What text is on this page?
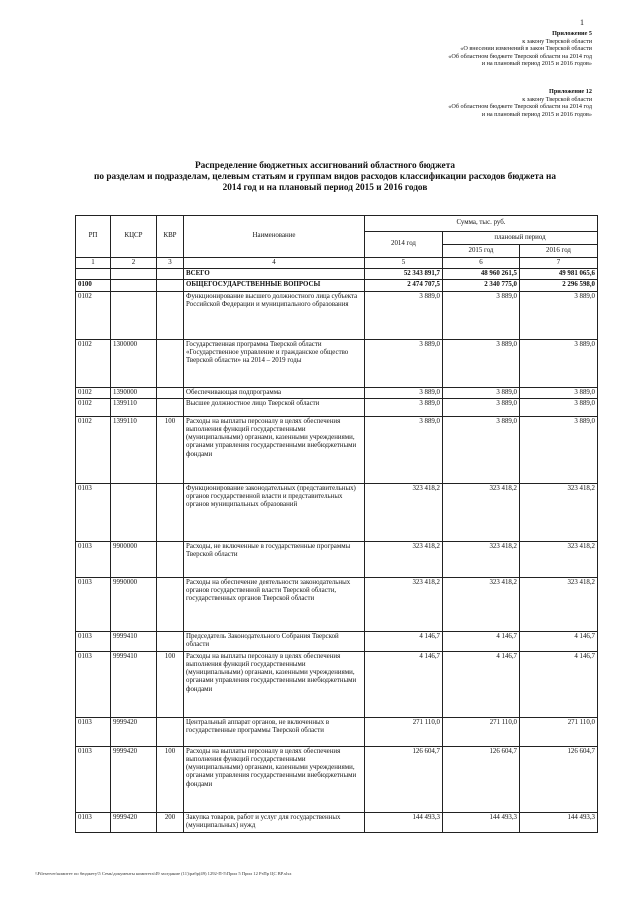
1
Приложение 5
к закону Тверской области
«О внесении изменений в закон Тверской области
«Об областном бюджете Тверской области на 2014 год
и на плановый период 2015 и 2016 годов»
Приложение 12
к закону Тверской области
«Об областном бюджете Тверской области на 2014 год
и на плановый период 2015 и 2016 годов»
Распределение бюджетных ассигнований областного бюджета
по разделам и подразделам, целевым статьям и группам видов расходов классификации расходов бюджета на
2014 год и на плановый период 2015 и 2016 годов
РП	КЦСР	КВР	Наименование	Сумма, тыс. руб.		
				2014 год	плановый период	
					2015 год	2016 год
1	2	3	4	5	6	7
			ВСЕГО	52 343 891,7	48 960 261,5	49 981 065,6
0100			ОБЩЕГОСУДАРСТВЕННЫЕ ВОПРОСЫ	2 474 707,5	2 340 775,0	2 296 598,0
0102			Функционирование высшего должностного лица субъекта Российской Федерации и муниципального образования	3 889,0	3 889,0	3 889,0
0102	1300000		Государственная программа Тверской области «Государственное управление и гражданское общество Тверской области» на 2014 – 2019 годы	3 889,0	3 889,0	3 889,0
0102	1390000		Обеспечивающая подпрограмма	3 889,0	3 889,0	3 889,0
0102	1399110		Высшее должностное лицо Тверской области	3 889,0	3 889,0	3 889,0
0102	1399110	100	Расходы на выплаты персоналу в целях обеспечения выполнения функций государственными (муниципальными) органами, казенными учреждениями, органами управления государственными внебюджетными фондами	3 889,0	3 889,0	3 889,0
0103			Функционирование законодательных (представительных) органов государственной власти и представительных органов муниципальных образований	323 418,2	323 418,2	323 418,2
0103	9900000		Расходы, не включенные в государственные программы Тверской области	323 418,2	323 418,2	323 418,2
0103	9990000		Расходы на обеспечение деятельности законодательных органов государственной власти Тверской области, государственных органов Тверской области	323 418,2	323 418,2	323 418,2
0103	9999410		Председатель Законодательного Собрания Тверской области	4 146,7	4 146,7	4 146,7
0103	9999410	100	Расходы на выплаты персоналу в целях обеспечения выполнения функций государственными (муниципальными) органами, казенными учреждениями, органами управления государственными внебюджетными фондами	4 146,7	4 146,7	4 146,7
0103	9999420		Центральный аппарат органов, не включенных в государственные программы Тверской области	271 110,0	271 110,0	271 110,0
0103	9999420	100	Расходы на выплаты персоналу в целях обеспечения выполнения функций государственными (муниципальными) органами, казенными учреждениями, органами управления государственными внебюджетными фондами	126 604,7	126 604,7	126 604,7
0103	9999420	200	Закупка товаров, работ и услуг для государственных (муниципальных) нужд	144 493,3	144 493,3	144 493,3
\\Fileserver\комитет по бюджету\5 Семь\документы комитета\49 заседание (11)\рабр(49) 1292-П-5\Прил 5 Прил 12 РзПр ЦС ВР.xlsx
